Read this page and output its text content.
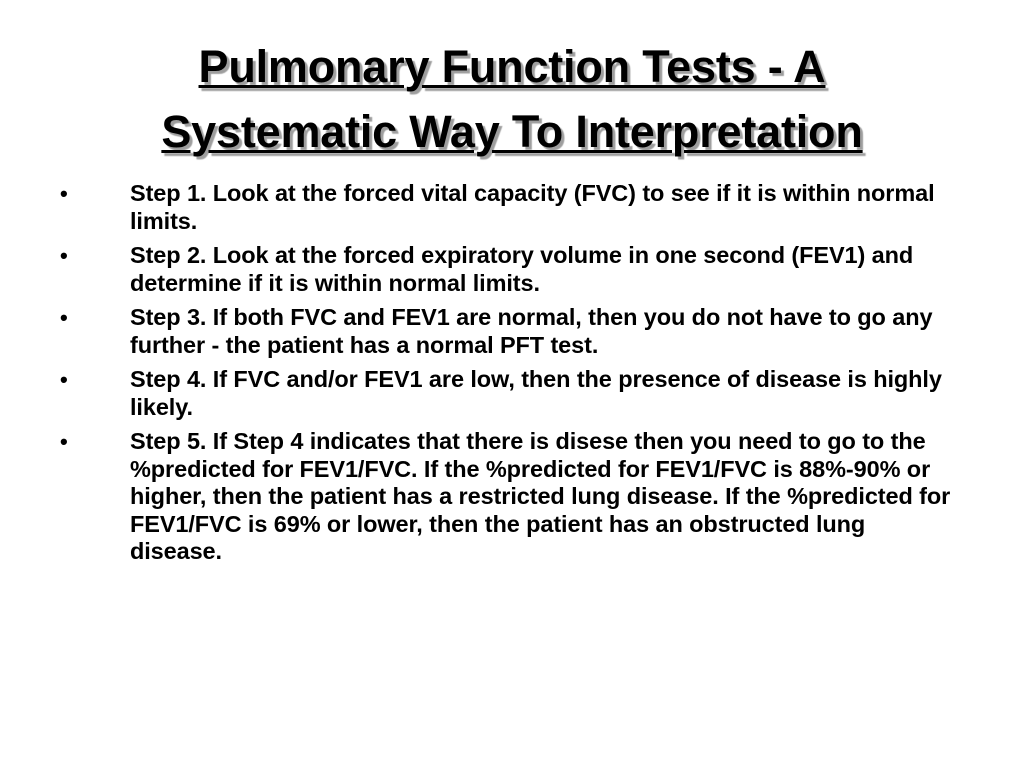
Pulmonary Function Tests - A
Systematic Way To Interpretation
•	Step 1. Look at the forced vital capacity (FVC) to see if it is within normal limits.
•	Step 2. Look at the forced expiratory volume in one second (FEV1) and determine if it is within normal limits.
•	Step 3. If both FVC and FEV1 are normal, then you do not have to go any further - the patient has a normal PFT test.
•	Step 4. If FVC and/or FEV1 are low, then the presence of disease is highly likely.
•	Step 5. If Step 4 indicates that there is disese then you need to go to the %predicted for FEV1/FVC. If the %predicted for FEV1/FVC is 88%-90% or higher, then the patient has a restricted lung disease. If the %predicted for FEV1/FVC is 69% or lower, then the patient has an obstructed lung disease.
